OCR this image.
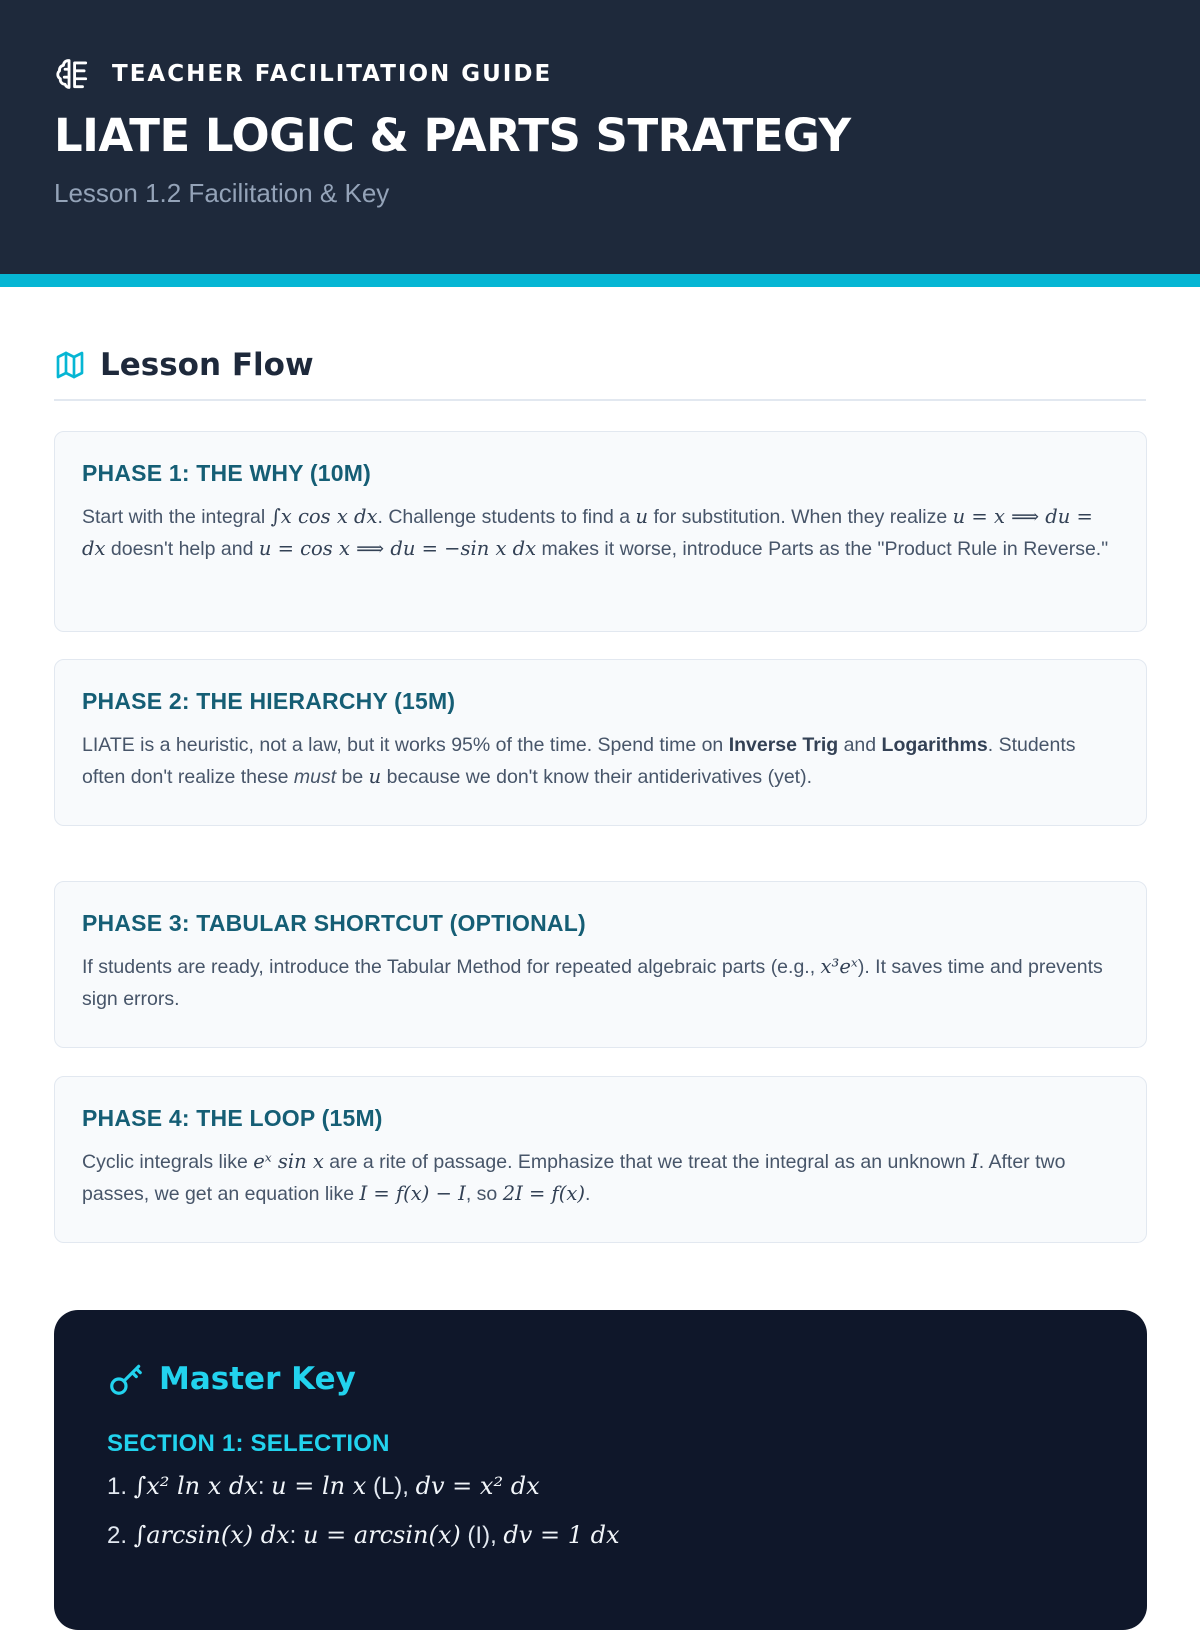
TEACHER FACILITATION GUIDE
LIATE LOGIC & PARTS STRATEGY
Lesson 1.2 Facilitation & Key
Lesson Flow
PHASE 1: THE WHY (10M)
Start with the integral ∫x cos x dx. Challenge students to find a u for substitution. When they realize u = x ⟹ du = dx doesn't help and u = cos x ⟹ du = −sin x dx makes it worse, introduce Parts as the "Product Rule in Reverse."
PHASE 2: THE HIERARCHY (15M)
LIATE is a heuristic, not a law, but it works 95% of the time. Spend time on Inverse Trig and Logarithms. Students often don't realize these must be u because we don't know their antiderivatives (yet).
PHASE 3: TABULAR SHORTCUT (OPTIONAL)
If students are ready, introduce the Tabular Method for repeated algebraic parts (e.g., x³eˣ). It saves time and prevents sign errors.
PHASE 4: THE LOOP (15M)
Cyclic integrals like eˣ sin x are a rite of passage. Emphasize that we treat the integral as an unknown I. After two passes, we get an equation like I = f(x) − I, so 2I = f(x).
Master Key
SECTION 1: SELECTION
1. ∫x² ln x dx: u = ln x (L), dv = x² dx
2. ∫arcsin(x) dx: u = arcsin(x) (I), dv = 1 dx
